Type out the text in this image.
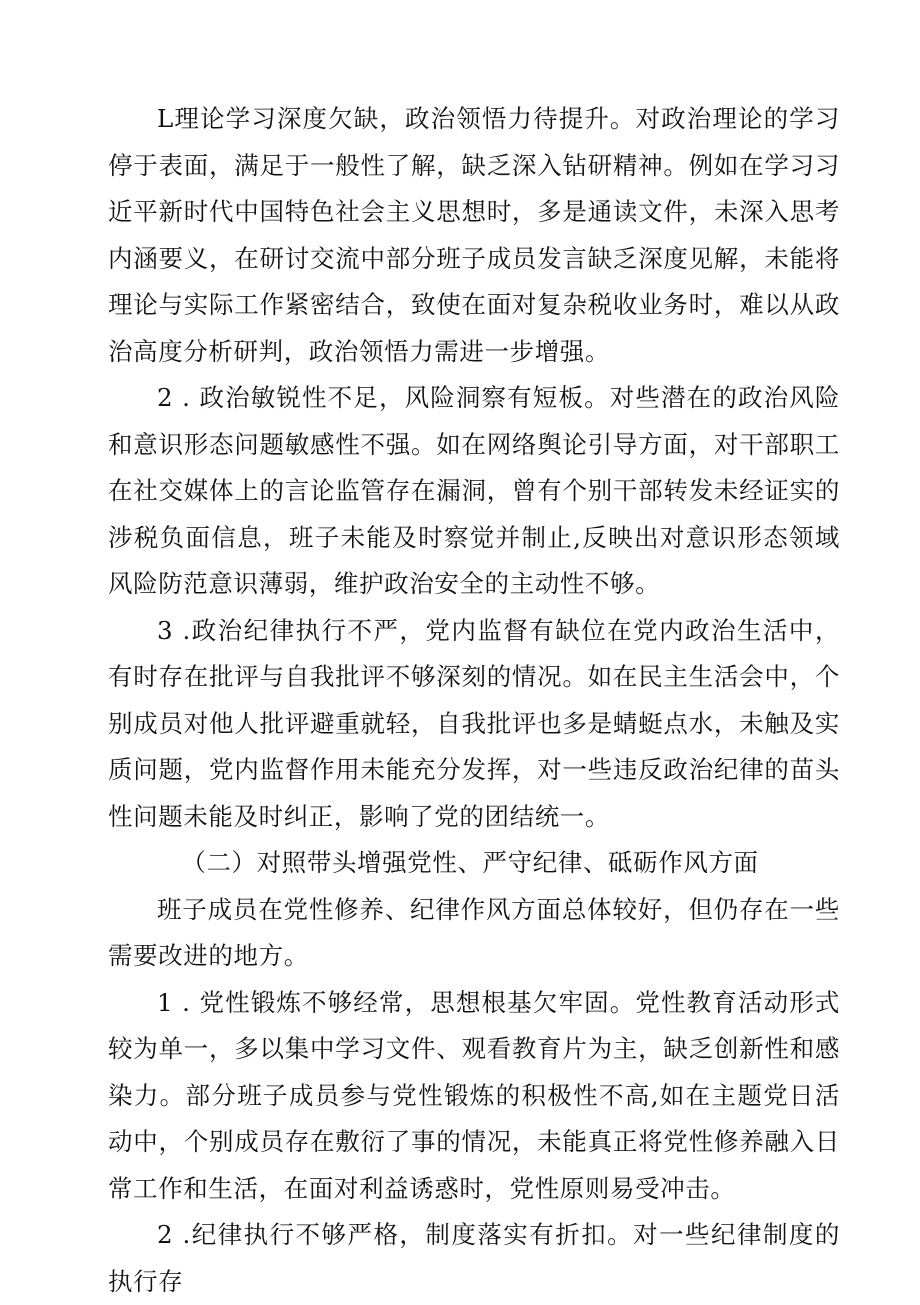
L理论学习深度欠缺，政治领悟力待提升。对政治理论的学习停于表面，满足于一般性了解，缺乏深入钻研精神。例如在学习习近平新时代中国特色社会主义思想时，多是通读文件，未深入思考内涵要义，在研讨交流中部分班子成员发言缺乏深度见解，未能将理论与实际工作紧密结合，致使在面对复杂税收业务时，难以从政治高度分析研判，政治领悟力需进一步增强。

2 . 政治敏锐性不足，风险洞察有短板。对些潜在的政治风险和意识形态问题敏感性不强。如在网络舆论引导方面，对干部职工在社交媒体上的言论监管存在漏洞，曾有个别干部转发未经证实的涉税负面信息，班子未能及时察觉并制止,反映出对意识形态领域风险防范意识薄弱，维护政治安全的主动性不够。

3 .政治纪律执行不严，党内监督有缺位在党内政治生活中，有时存在批评与自我批评不够深刻的情况。如在民主生活会中，个别成员对他人批评避重就轻，自我批评也多是蜻蜓点水，未触及实质问题，党内监督作用未能充分发挥，对一些违反政治纪律的苗头性问题未能及时纠正，影响了党的团结统一。

（二）对照带头增强党性、严守纪律、砥砺作风方面

班子成员在党性修养、纪律作风方面总体较好，但仍存在一些需要改进的地方。

1 . 党性锻炼不够经常，思想根基欠牢固。党性教育活动形式较为单一，多以集中学习文件、观看教育片为主，缺乏创新性和感染力。部分班子成员参与党性锻炼的积极性不高,如在主题党日活动中，个别成员存在敷衍了事的情况，未能真正将党性修养融入日常工作和生活，在面对利益诱惑时，党性原则易受冲击。

2 .纪律执行不够严格，制度落实有折扣。对一些纪律制度的执行存
